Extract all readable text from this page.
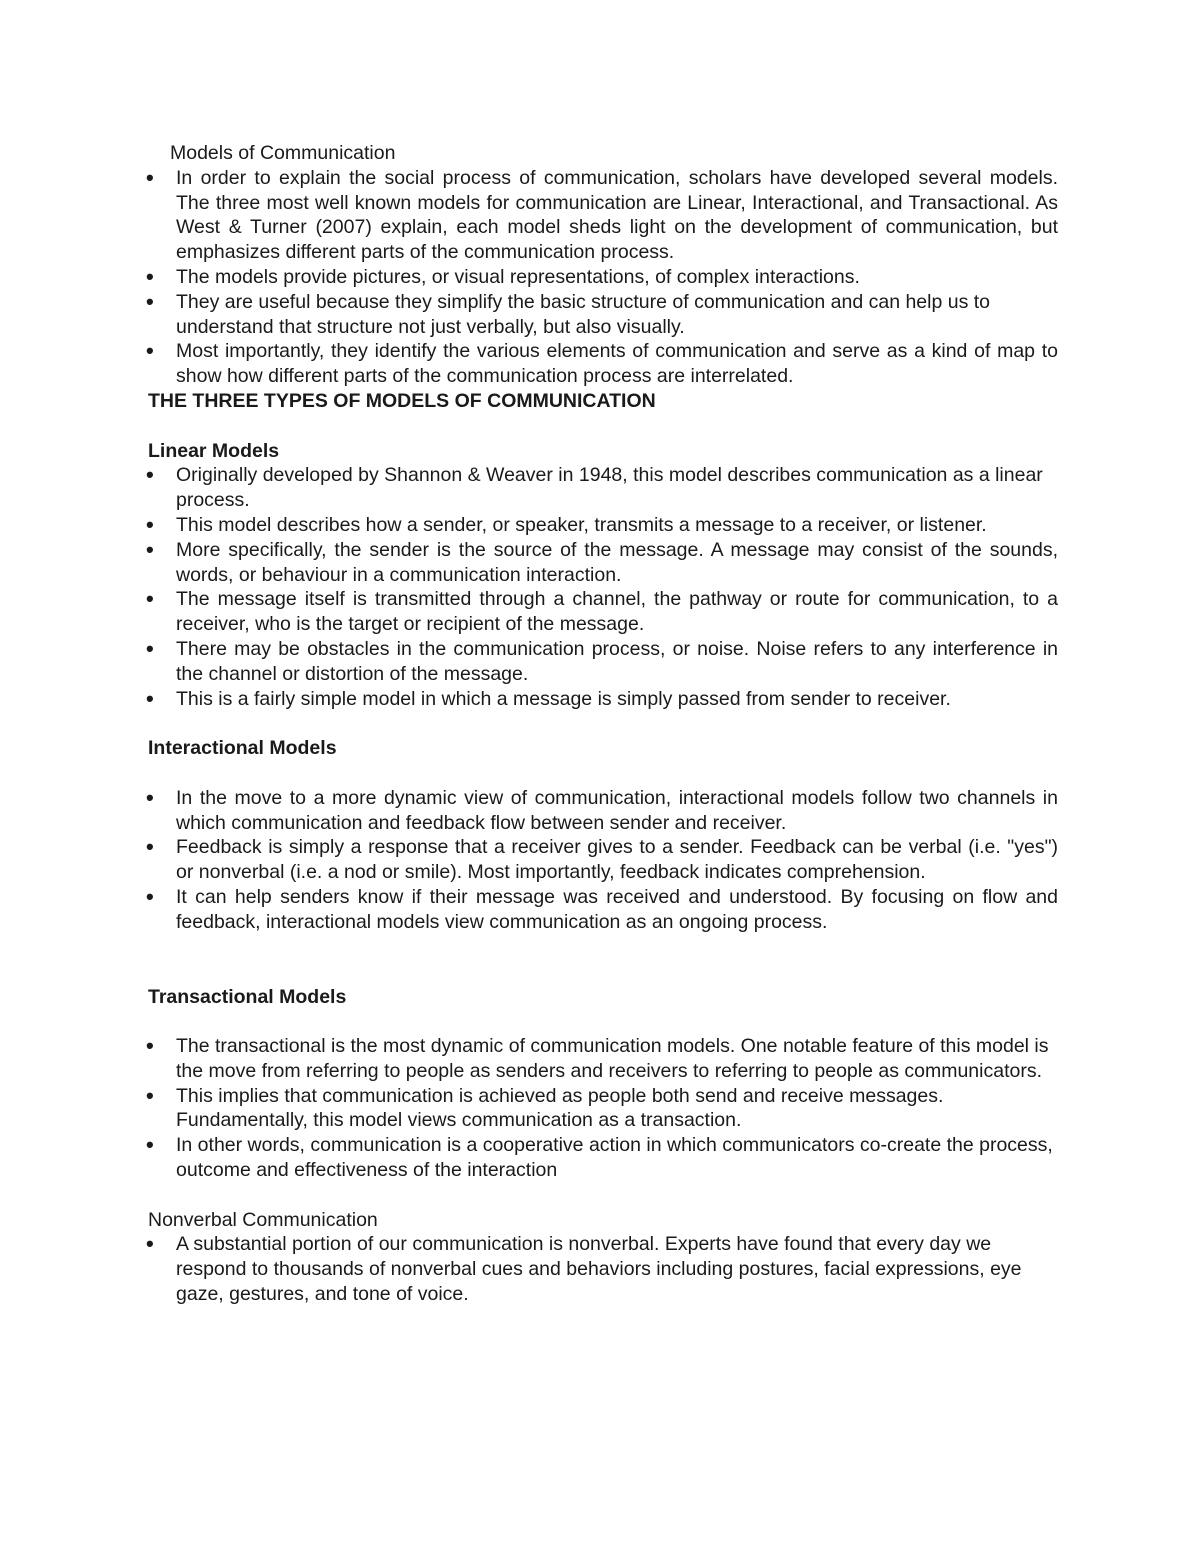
Models of Communication
• In order to explain the social process of communication, scholars have developed several models. The three most well known models for communication are Linear, Interactional, and Transactional. As West & Turner (2007) explain, each model sheds light on the development of communication, but emphasizes different parts of the communication process.
• The models provide pictures, or visual representations, of complex interactions.
• They are useful because they simplify the basic structure of communication and can help us to understand that structure not just verbally, but also visually.
• Most importantly, they identify the various elements of communication and serve as a kind of map to show how different parts of the communication process are interrelated.
THE THREE TYPES OF MODELS OF COMMUNICATION
Linear Models
• Originally developed by Shannon & Weaver in 1948, this model describes communication as a linear process.
• This model describes how a sender, or speaker, transmits a message to a receiver, or listener.
• More specifically, the sender is the source of the message. A message may consist of the sounds, words, or behaviour in a communication interaction.
• The message itself is transmitted through a channel, the pathway or route for communication, to a receiver, who is the target or recipient of the message.
• There may be obstacles in the communication process, or noise. Noise refers to any interference in the channel or distortion of the message.
• This is a fairly simple model in which a message is simply passed from sender to receiver.
Interactional Models
• In the move to a more dynamic view of communication, interactional models follow two channels in which communication and feedback flow between sender and receiver.
• Feedback is simply a response that a receiver gives to a sender. Feedback can be verbal (i.e. "yes") or nonverbal (i.e. a nod or smile). Most importantly, feedback indicates comprehension.
• It can help senders know if their message was received and understood. By focusing on flow and feedback, interactional models view communication as an ongoing process.
Transactional Models
• The transactional is the most dynamic of communication models. One notable feature of this model is the move from referring to people as senders and receivers to referring to people as communicators.
• This implies that communication is achieved as people both send and receive messages. Fundamentally, this model views communication as a transaction.
• In other words, communication is a cooperative action in which communicators co-create the process, outcome and effectiveness of the interaction
Nonverbal Communication
• A substantial portion of our communication is nonverbal. Experts have found that every day we respond to thousands of nonverbal cues and behaviors including postures, facial expressions, eye gaze, gestures, and tone of voice.
